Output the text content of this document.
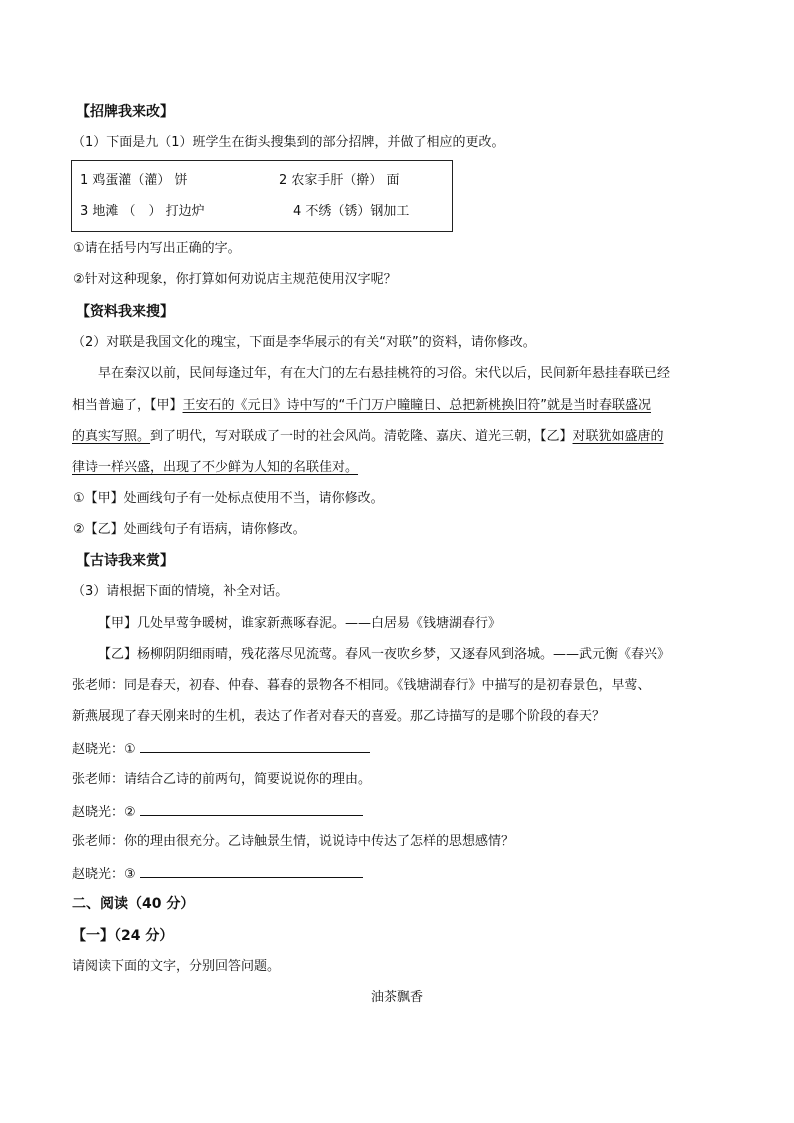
【招牌我来改】
（1）下面是九（1）班学生在街头搜集到的部分招牌，并做了相应的更改。
1 鸡蛋灌（灌） 饼	2 农家手肝（擀） 面
3 地滩 （　） 打边炉	4 不绣（锈）钢加工
①请在括号内写出正确的字。
②针对这种现象，你打算如何劝说店主规范使用汉字呢？
【资料我来搜】
（2）对联是我国文化的瑰宝，下面是李华展示的有关“对联”的资料，请你修改。
早在秦汉以前，民间每逢过年，有在大门的左右悬挂桃符的习俗。宋代以后，民间新年悬挂春联已经
相当普遍了，【甲】王安石的《元日》诗中写的“千门万户瞳瞳日、总把新桃换旧符”就是当时春联盛况
的真实写照。到了明代，写对联成了一时的社会风尚。清乾隆、嘉庆、道光三朝，【乙】对联犹如盛唐的
律诗一样兴盛，出现了不少鲜为人知的名联佳对。
①【甲】处画线句子有一处标点使用不当，请你修改。
②【乙】处画线句子有语病，请你修改。
【古诗我来赏】
（3）请根据下面的情境，补全对话。
【甲】几处早莺争暖树，谁家新燕啄春泥。——白居易《钱塘湖春行》
【乙】杨柳阴阴细雨晴，残花落尽见流莺。春风一夜吹乡梦，又逐春风到洛城。——武元衡《春兴》
张老师：同是春天，初春、仲春、暮春的景物各不相同。《钱塘湖春行》中描写的是初春景色，早莺、
新燕展现了春天刚来时的生机，表达了作者对春天的喜爱。那乙诗描写的是哪个阶段的春天？
赵晓光：①
张老师：请结合乙诗的前两句，简要说说你的理由。
赵晓光：②
张老师：你的理由很充分。乙诗触景生情，说说诗中传达了怎样的思想感情？
赵晓光：③
二、阅读（40 分）
【一】（24 分）
请阅读下面的文字，分别回答问题。
油茶飘香
